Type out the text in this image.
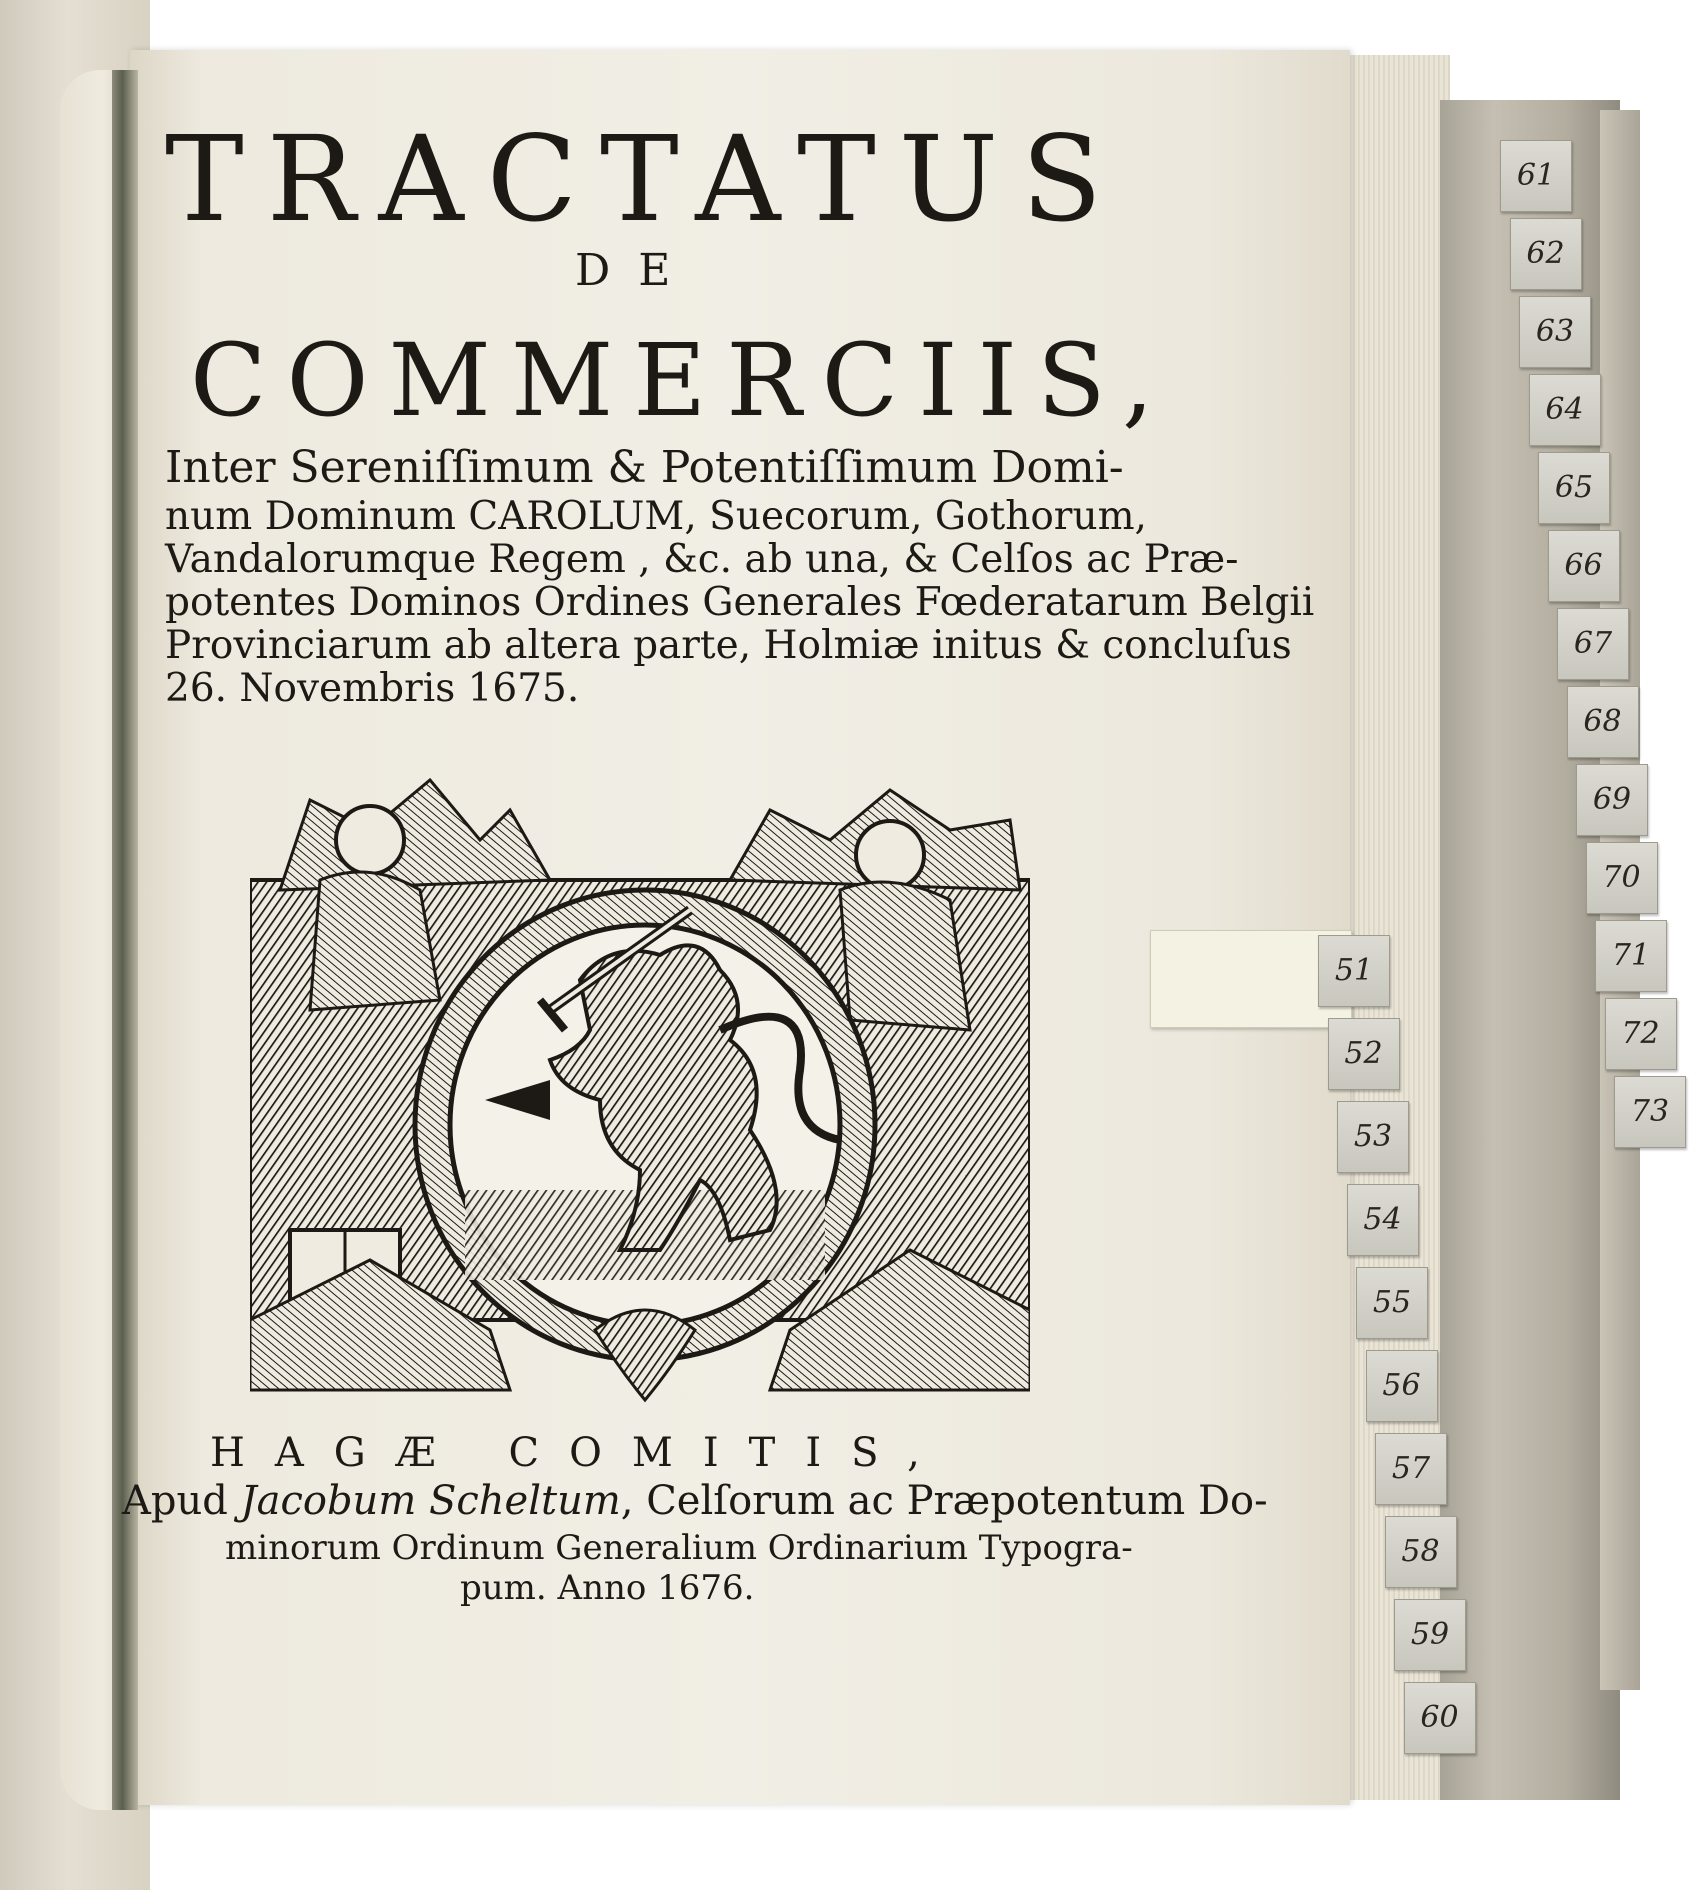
TRACTATUS
DE
COMMERCIIS,
Inter Sereniſſimum & Potentiſſimum Domi-
num Dominum CAROLUM, Suecorum, Gothorum,
Vandalorumque Regem , &c. ab una, & Celſos ac Præ-
potentes Dominos Ordines Generales Fœderatarum Belgii
Provinciarum ab altera parte, Holmiæ initus & concluſus
26. Novembris 1675.
HAGÆ COMITIS,
Apud Jacobum Scheltum, Celſorum ac Præpotentum Do-
minorum Ordinum Generalium Ordinarium Typogra-
pum. Anno 1676.
61
62
63
64
65
66
67
68
69
70
71
72
73
51
52
53
54
55
56
57
58
59
60
